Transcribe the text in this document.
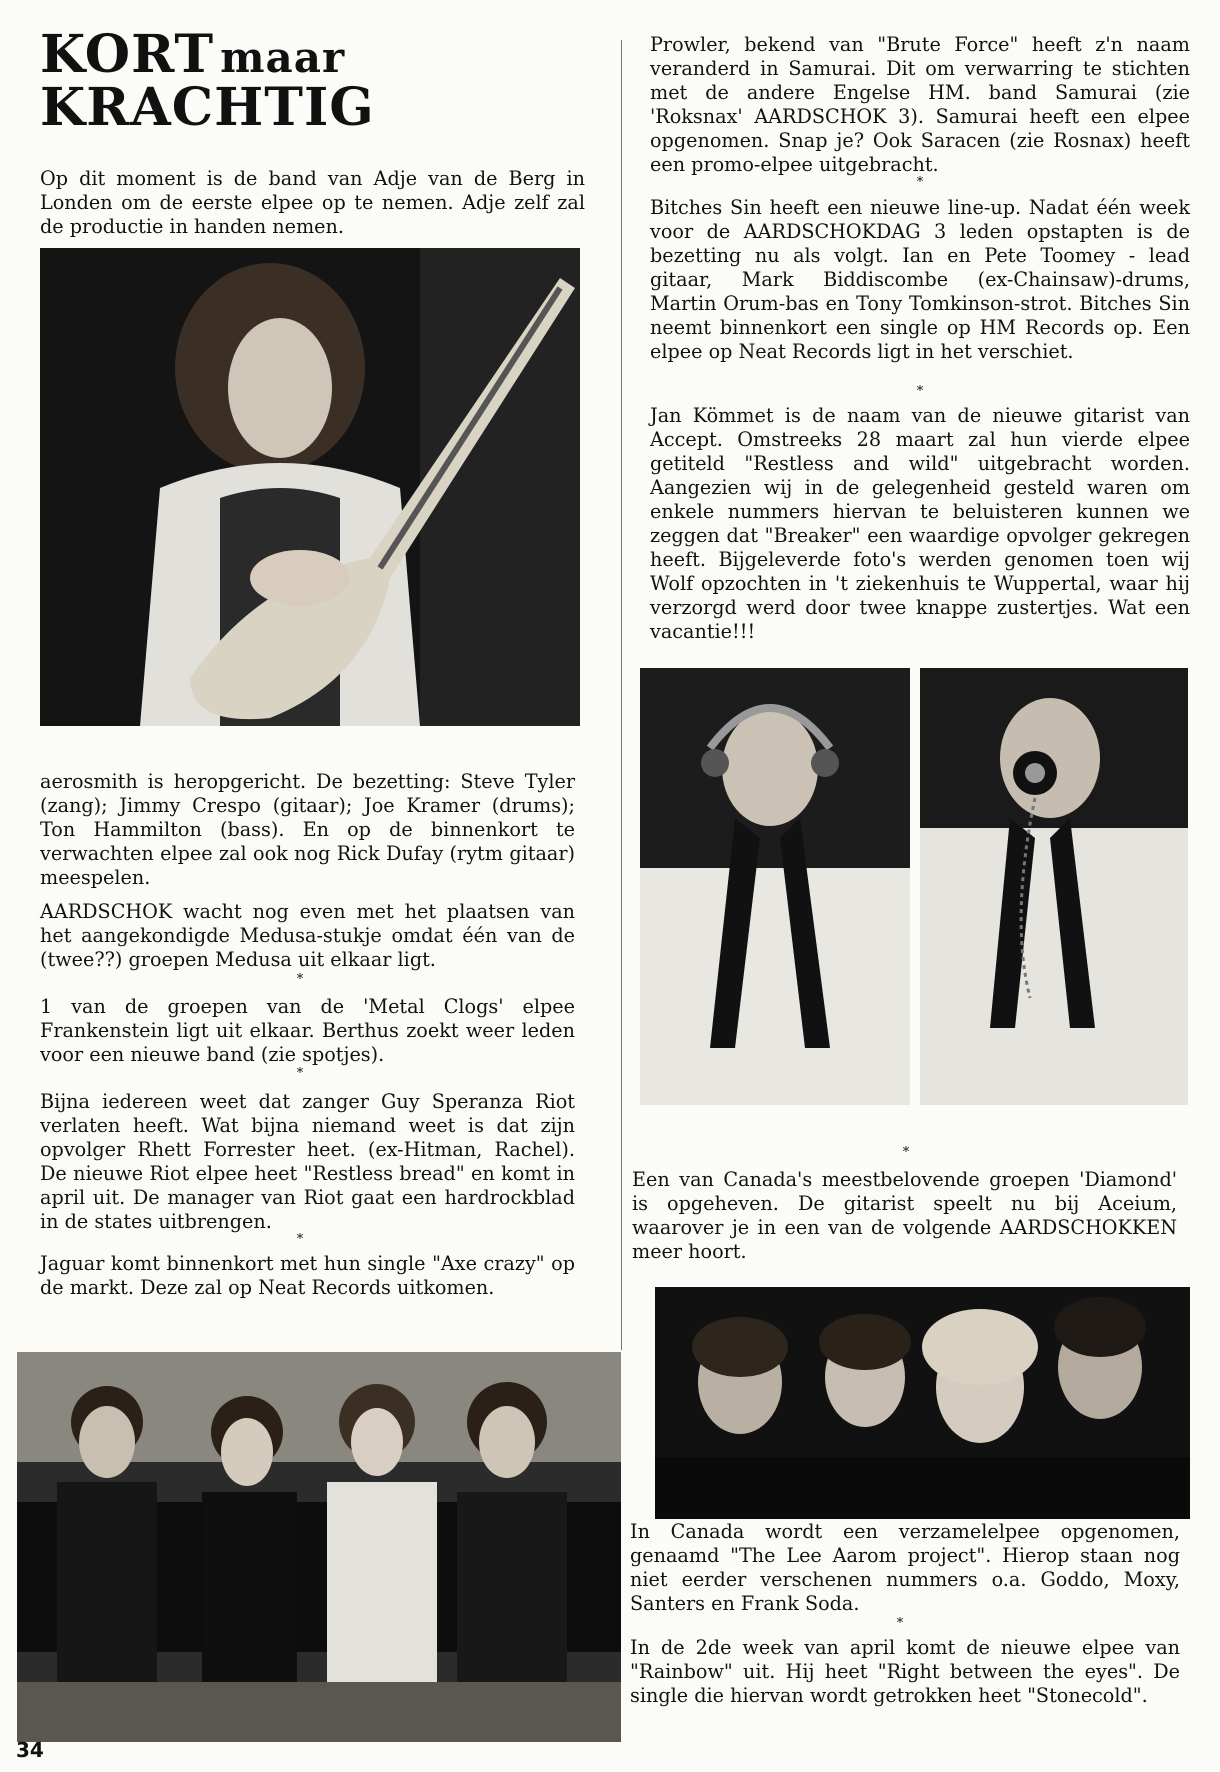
KORT maar
KRACHTIG

Op dit moment is de band van Adje van de Berg in Londen om de eerste elpee op te nemen. Adje zelf zal de productie in handen nemen.

aerosmith is heropgericht. De bezetting: Steve Tyler (zang); Jimmy Crespo (gitaar); Joe Kramer (drums); Ton Hammilton (bass). En op de binnenkort te verwachten elpee zal ook nog Rick Dufay (rytm gitaar) meespelen.

AARDSCHOK wacht nog even met het plaatsen van het aangekondigde Medusa-stukje omdat één van de (twee??) groepen Medusa uit elkaar ligt.

*

1 van de groepen van de 'Metal Clogs' elpee Frankenstein ligt uit elkaar. Berthus zoekt weer leden voor een nieuwe band (zie spotjes).

*

Bijna iedereen weet dat zanger Guy Speranza Riot verlaten heeft. Wat bijna niemand weet is dat zijn opvolger Rhett Forrester heet. (ex-Hitman, Rachel). De nieuwe Riot elpee heet "Restless bread" en komt in april uit. De manager van Riot gaat een hardrockblad in de states uitbrengen.

*

Jaguar komt binnenkort met hun single "Axe crazy" op de markt. Deze zal op Neat Records uitkomen.

Prowler, bekend van "Brute Force" heeft z'n naam veranderd in Samurai. Dit om verwarring te stichten met de andere Engelse HM. band Samurai (zie 'Roksnax' AARDSCHOK 3). Samurai heeft een elpee opgenomen. Snap je? Ook Saracen (zie Rosnax) heeft een promo-elpee uitgebracht.

*

Bitches Sin heeft een nieuwe line-up. Nadat één week voor de AARDSCHOKDAG 3 leden opstapten is de bezetting nu als volgt. Ian en Pete Toomey - lead gitaar, Mark Biddiscombe (ex-Chainsaw)-drums, Martin Orum-bas en Tony Tomkinson-strot. Bitches Sin neemt binnenkort een single op HM Records op. Een elpee op Neat Records ligt in het verschiet.

*

Jan Kömmet is de naam van de nieuwe gitarist van Accept. Omstreeks 28 maart zal hun vierde elpee getiteld "Restless and wild" uitgebracht worden. Aangezien wij in de gelegenheid gesteld waren om enkele nummers hiervan te beluisteren kunnen we zeggen dat "Breaker" een waardige opvolger gekregen heeft. Bijgeleverde foto's werden genomen toen wij Wolf opzochten in 't ziekenhuis te Wuppertal, waar hij verzorgd werd door twee knappe zustertjes. Wat een vacantie!!!

*

Een van Canada's meestbelovende groepen 'Diamond' is opgeheven. De gitarist speelt nu bij Aceium, waarover je in een van de volgende AARDSCHOKKEN meer hoort.

In Canada wordt een verzamelelpee opgenomen, genaamd "The Lee Aarom project". Hierop staan nog niet eerder verschenen nummers o.a. Goddo, Moxy, Santers en Frank Soda.

*

In de 2de week van april komt de nieuwe elpee van "Rainbow" uit. Hij heet "Right between the eyes". De single die hiervan wordt getrokken heet "Stonecold".

34
